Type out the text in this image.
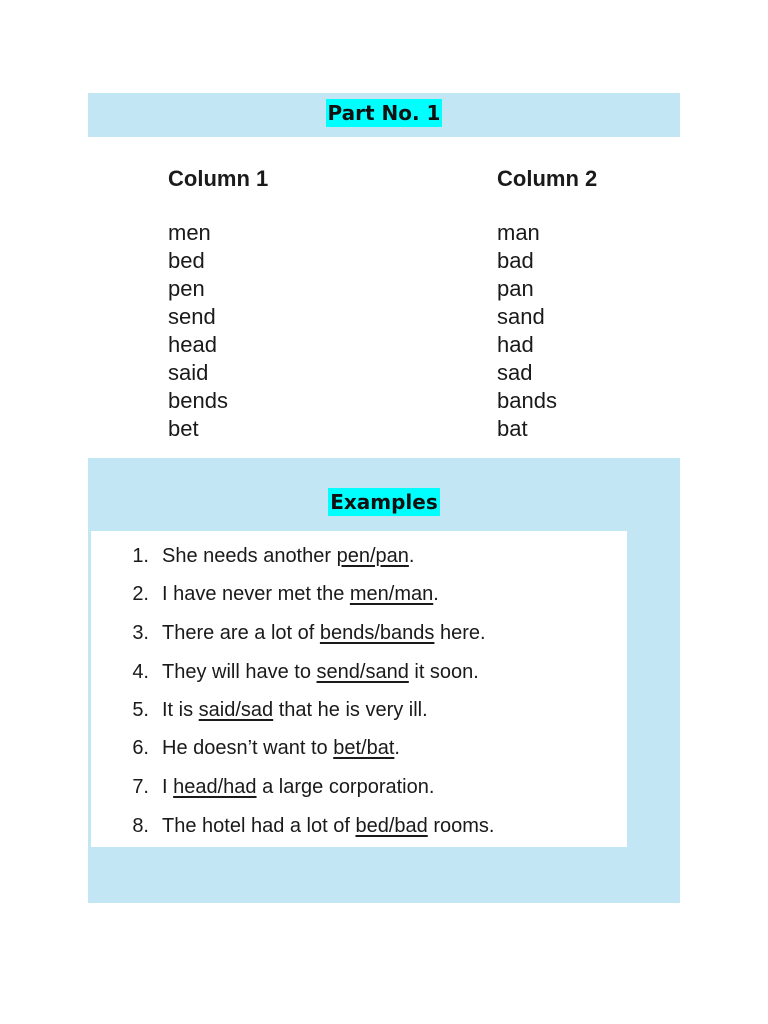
Part No. 1
Column 1
men
bed
pen
send
head
said
bends
bet
Column 2
man
bad
pan
sand
had
sad
bands
bat
Examples
1. She needs another pen/pan.
2. I have never met the men/man.
3. There are a lot of bends/bands here.
4. They will have to send/sand it soon.
5. It is said/sad that he is very ill.
6. He doesn’t want to bet/bat.
7. I head/had a large corporation.
8. The hotel had a lot of bed/bad rooms.
